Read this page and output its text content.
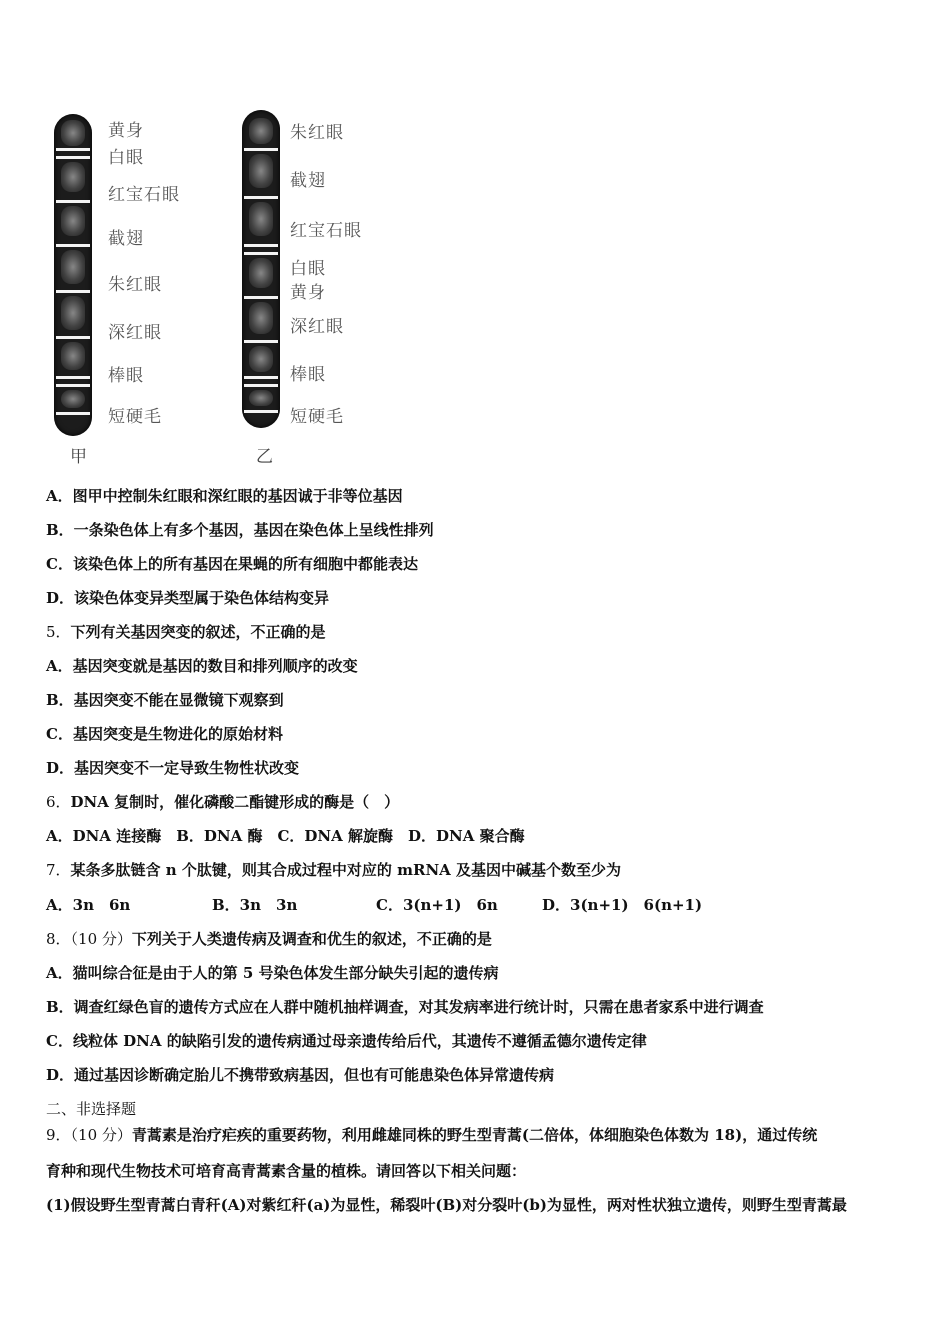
黄身
白眼
红宝石眼
截翅
朱红眼
深红眼
棒眼
短硬毛
甲
朱红眼
截翅
红宝石眼
白眼
黄身
深红眼
棒眼
短硬毛
乙
A．图甲中控制朱红眼和深红眼的基因诚于非等位基因
B．一条染色体上有多个基因，基因在染色体上呈线性排列
C．该染色体上的所有基因在果蝇的所有细胞中都能表达
D．该染色体变异类型属于染色体结构变异
5．下列有关基因突变的叙述，不正确的是
A．基因突变就是基因的数目和排列顺序的改变
B．基因突变不能在显微镜下观察到
C．基因突变是生物进化的原始材料
D．基因突变不一定导致生物性状改变
6．DNA 复制时，催化磷酸二酯键形成的酶是（　）
A．DNA 连接酶　B．DNA 酶　C．DNA 解旋酶　D．DNA 聚合酶
7．某条多肽链含 n 个肽键，则其合成过程中对应的 mRNA 及基因中碱基个数至少为
A．3n　6n	B．3n　3n	C．3(n+1)　6n	D．3(n+1)　6(n+1)
8．（10 分）下列关于人类遗传病及调查和优生的叙述，不正确的是
A．猫叫综合征是由于人的第 5 号染色体发生部分缺失引起的遗传病
B．调查红绿色盲的遗传方式应在人群中随机抽样调查，对其发病率进行统计时，只需在患者家系中进行调查
C．线粒体 DNA 的缺陷引发的遗传病通过母亲遗传给后代，其遗传不遵循孟德尔遗传定律
D．通过基因诊断确定胎儿不携带致病基因，但也有可能患染色体异常遗传病
二、非选择题
9．（10 分）青蒿素是治疗疟疾的重要药物，利用雌雄同株的野生型青蒿(二倍体，体细胞染色体数为 18)，通过传统
育种和现代生物技术可培育高青蒿素含量的植株。请回答以下相关问题：
(1)假设野生型青蒿白青秆(A)对紫红秆(a)为显性，稀裂叶(B)对分裂叶(b)为显性，两对性状独立遗传，则野生型青蒿最
